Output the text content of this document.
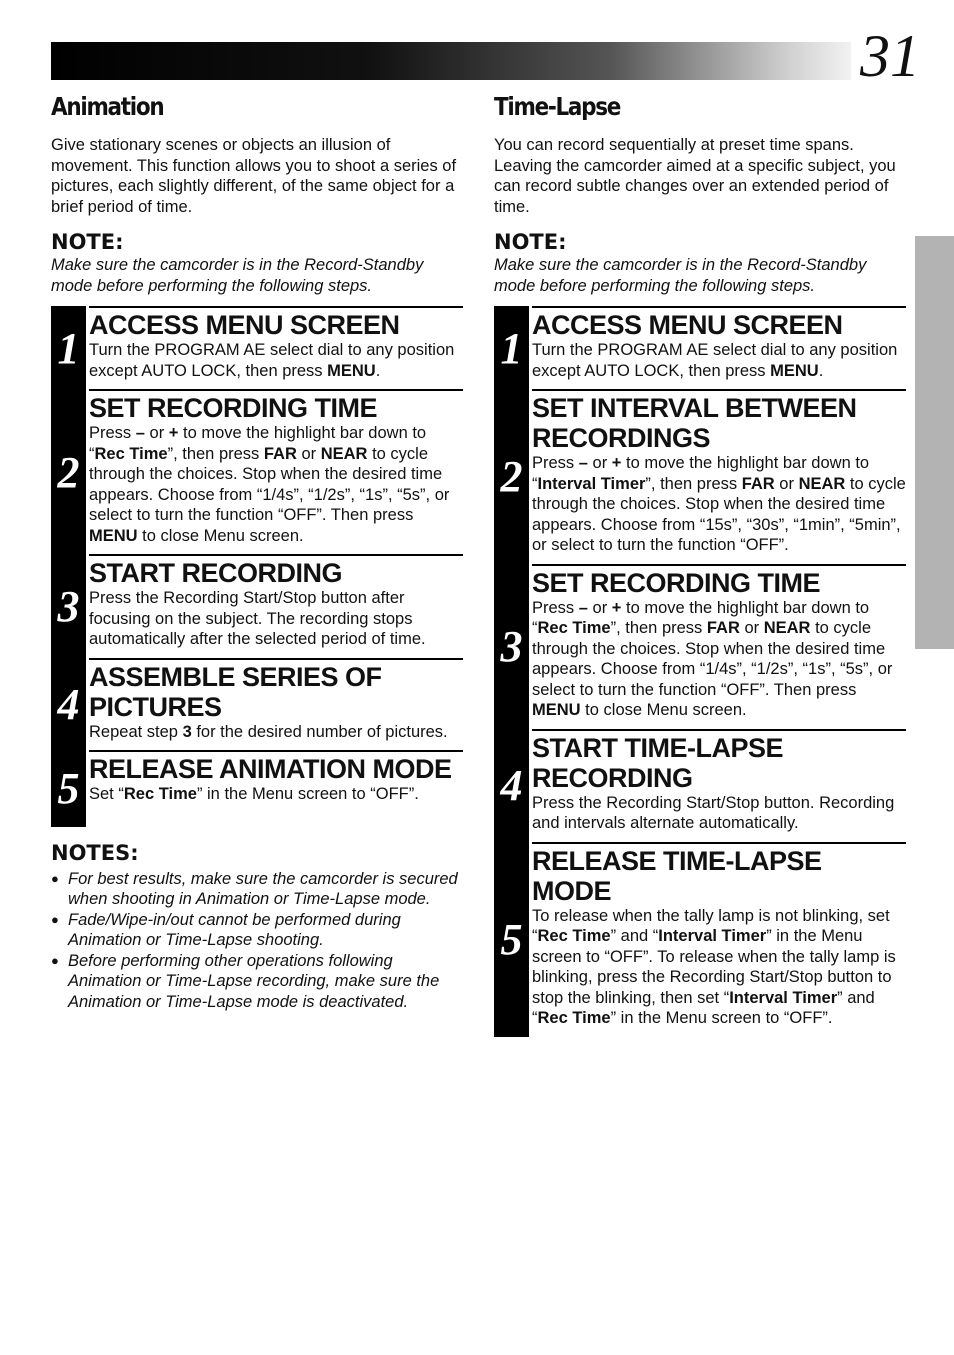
31
Animation

Give stationary scenes or objects an illusion of movement. This function allows you to shoot a series of pictures, each slightly different, of the same object for a brief period of time.

NOTE:

Make sure the camcorder is in the Record-Standby mode before performing the following steps.

1 ACCESS MENU SCREEN

Turn the PROGRAM AE select dial to any position except AUTO LOCK, then press MENU.

2
SET RECORDING TIME

Press – or + to move the highlight bar down to “Rec Time”, then press FAR or NEAR to cycle through the choices. Stop when the desired time appears. Choose from “1/4s”, “1/2s”, “1s”, “5s”, or select to turn the function “OFF”. Then press MENU to close Menu screen.

3
START RECORDING

Press the Recording Start/Stop button after focusing on the subject. The recording stops automatically after the selected period of time.

4
ASSEMBLE SERIES OF PICTURES

Repeat step 3 for the desired number of pictures.

5 RELEASE ANIMATION MODE

Set “Rec Time” in the Menu screen to “OFF”.

NOTES:
● For best results, make sure the camcorder is secured when shooting in Animation or Time-Lapse mode.
● Fade/Wipe-in/out cannot be performed during Animation or Time-Lapse shooting.
● Before performing other operations following Animation or Time-Lapse recording, make sure the Animation or Time-Lapse mode is deactivated.
Time-Lapse

You can record sequentially at preset time spans. Leaving the camcorder aimed at a specific subject, you can record subtle changes over an extended period of time.

NOTE:

Make sure the camcorder is in the Record-Standby mode before performing the following steps.

1 ACCESS MENU SCREEN

Turn the PROGRAM AE select dial to any position except AUTO LOCK, then press MENU.

2
SET INTERVAL BETWEEN RECORDINGS

Press – or + to move the highlight bar down to “Interval Timer”, then press FAR or NEAR to cycle through the choices. Stop when the desired time appears. Choose from “15s”, “30s”, “1min”, “5min”, or select to turn the function “OFF”.

3
SET RECORDING TIME

Press – or + to move the highlight bar down to “Rec Time”, then press FAR or NEAR to cycle through the choices. Stop when the desired time appears. Choose from “1/4s”, “1/2s”, “1s”, “5s”, or select to turn the function “OFF”. Then press MENU to close Menu screen.

4
START TIME-LAPSE RECORDING

Press the Recording Start/Stop button. Recording and intervals alternate automatically.

5
RELEASE TIME-LAPSE MODE

To release when the tally lamp is not blinking, set “Rec Time” and “Interval Timer” in the Menu screen to “OFF”. To release when the tally lamp is blinking, press the Recording Start/Stop button to stop the blinking, then set “Interval Timer” and “Rec Time” in the Menu screen to “OFF”.
